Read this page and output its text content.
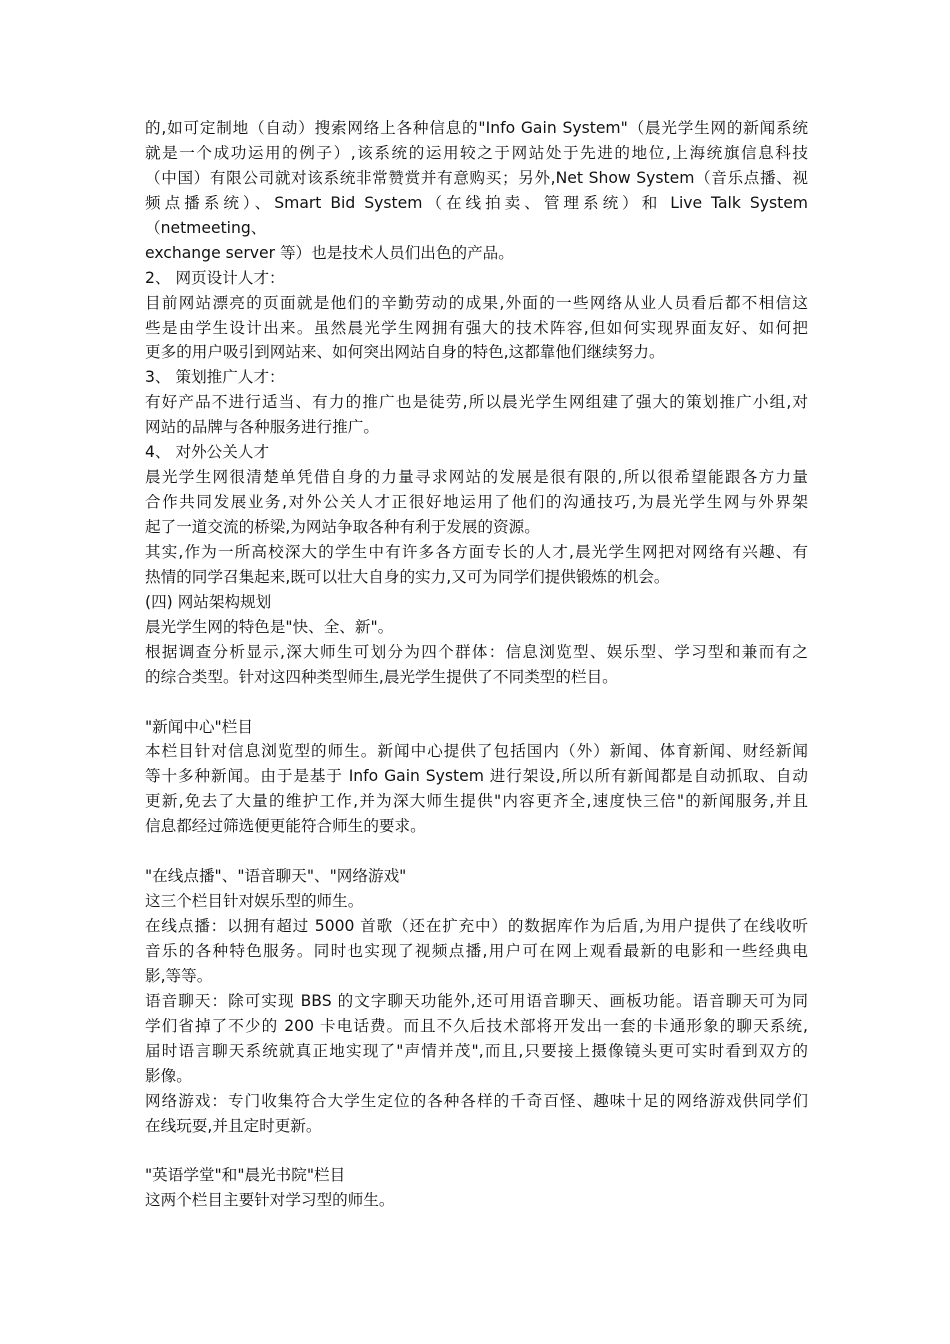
的,如可定制地（自动）搜索网络上各种信息的"Info Gain System"（晨光学生网的新闻系统
就是一个成功运用的例子）,该系统的运用较之于网站处于先进的地位,上海统旗信息科技
（中国）有限公司就对该系统非常赞赏并有意购买；另外,Net Show System（音乐点播、视
频点播系统）、Smart Bid System（在线拍卖、管理系统）和 Live Talk System
（netmeeting、
exchange server 等）也是技术人员们出色的产品。
2、 网页设计人才：
目前网站漂亮的页面就是他们的辛勤劳动的成果,外面的一些网络从业人员看后都不相信这
些是由学生设计出来。虽然晨光学生网拥有强大的技术阵容,但如何实现界面友好、如何把
更多的用户吸引到网站来、如何突出网站自身的特色,这都靠他们继续努力。
3、 策划推广人才：
有好产品不进行适当、有力的推广也是徒劳,所以晨光学生网组建了强大的策划推广小组,对
网站的品牌与各种服务进行推广。
4、 对外公关人才
晨光学生网很清楚单凭借自身的力量寻求网站的发展是很有限的,所以很希望能跟各方力量
合作共同发展业务,对外公关人才正很好地运用了他们的沟通技巧,为晨光学生网与外界架
起了一道交流的桥梁,为网站争取各种有利于发展的资源。
其实,作为一所高校深大的学生中有许多各方面专长的人才,晨光学生网把对网络有兴趣、有
热情的同学召集起来,既可以壮大自身的实力,又可为同学们提供锻炼的机会。
(四) 网站架构规划
晨光学生网的特色是"快、全、新"。
根据调查分析显示,深大师生可划分为四个群体：信息浏览型、娱乐型、学习型和兼而有之
的综合类型。针对这四种类型师生,晨光学生提供了不同类型的栏目。
"新闻中心"栏目
本栏目针对信息浏览型的师生。新闻中心提供了包括国内（外）新闻、体育新闻、财经新闻
等十多种新闻。由于是基于 Info Gain System 进行架设,所以所有新闻都是自动抓取、自动
更新,免去了大量的维护工作,并为深大师生提供"内容更齐全,速度快三倍"的新闻服务,并且
信息都经过筛选便更能符合师生的要求。
"在线点播"、"语音聊天"、"网络游戏"
这三个栏目针对娱乐型的师生。
在线点播：以拥有超过 5000 首歌（还在扩充中）的数据库作为后盾,为用户提供了在线收听
音乐的各种特色服务。同时也实现了视频点播,用户可在网上观看最新的电影和一些经典电
影,等等。
语音聊天：除可实现 BBS 的文字聊天功能外,还可用语音聊天、画板功能。语音聊天可为同
学们省掉了不少的 200 卡电话费。而且不久后技术部将开发出一套的卡通形象的聊天系统,
届时语言聊天系统就真正地实现了"声情并茂",而且,只要接上摄像镜头更可实时看到双方的
影像。
网络游戏：专门收集符合大学生定位的各种各样的千奇百怪、趣味十足的网络游戏供同学们
在线玩耍,并且定时更新。
"英语学堂"和"晨光书院"栏目
这两个栏目主要针对学习型的师生。
